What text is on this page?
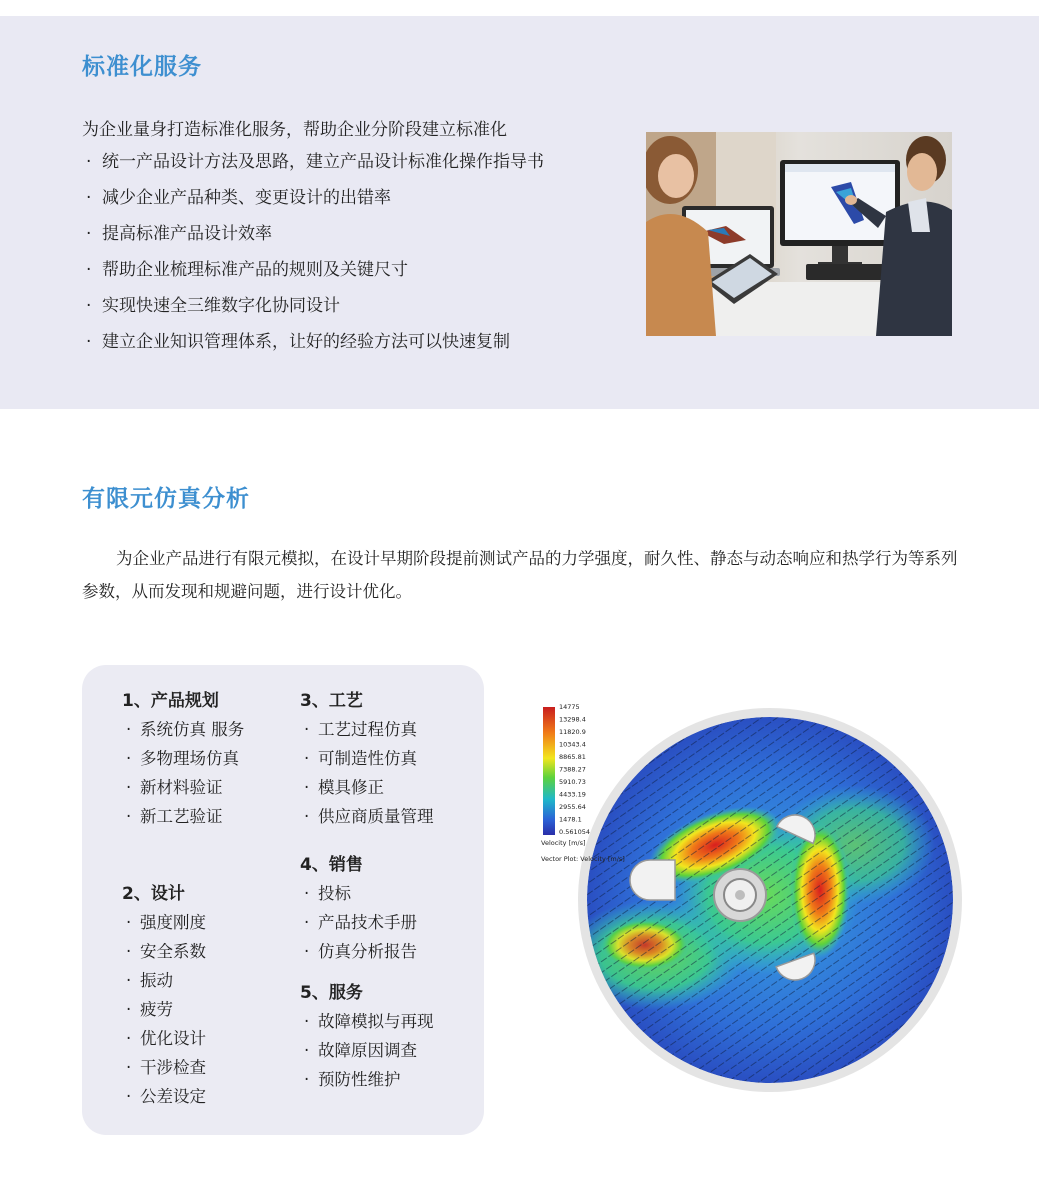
标准化服务
为企业量身打造标准化服务，帮助企业分阶段建立标准化
· 统一产品设计方法及思路，建立产品设计标准化操作指导书
· 减少企业产品种类、变更设计的出错率
· 提高标准产品设计效率
· 帮助企业梳理标准产品的规则及关键尺寸
· 实现快速全三维数字化协同设计
· 建立企业知识管理体系，让好的经验方法可以快速复制
有限元仿真分析

为企业产品进行有限元模拟，在设计早期阶段提前测试产品的力学强度，耐久性、静态与动态响应和热学行为等系列参数，从而发现和规避问题，进行设计优化。

1、产品规划
· 系统仿真 服务
· 多物理场仿真
· 新材料验证
· 新工艺验证
2、设计
· 强度刚度
· 安全系数
· 振动
· 疲劳
· 优化设计
· 干涉检查
· 公差设定
3、工艺
· 工艺过程仿真
· 可制造性仿真
· 模具修正
· 供应商质量管理
4、销售
· 投标
· 产品技术手册
· 仿真分析报告
5、服务
· 故障模拟与再现
· 故障原因调查
· 预防性维护
14775
13298.4
11820.9
10343.4
8865.81
7388.27
5910.73
4433.19
2955.64
1478.1
0.561054
Velocity [m/s]
Vector Plot: Velocity [m/s]
